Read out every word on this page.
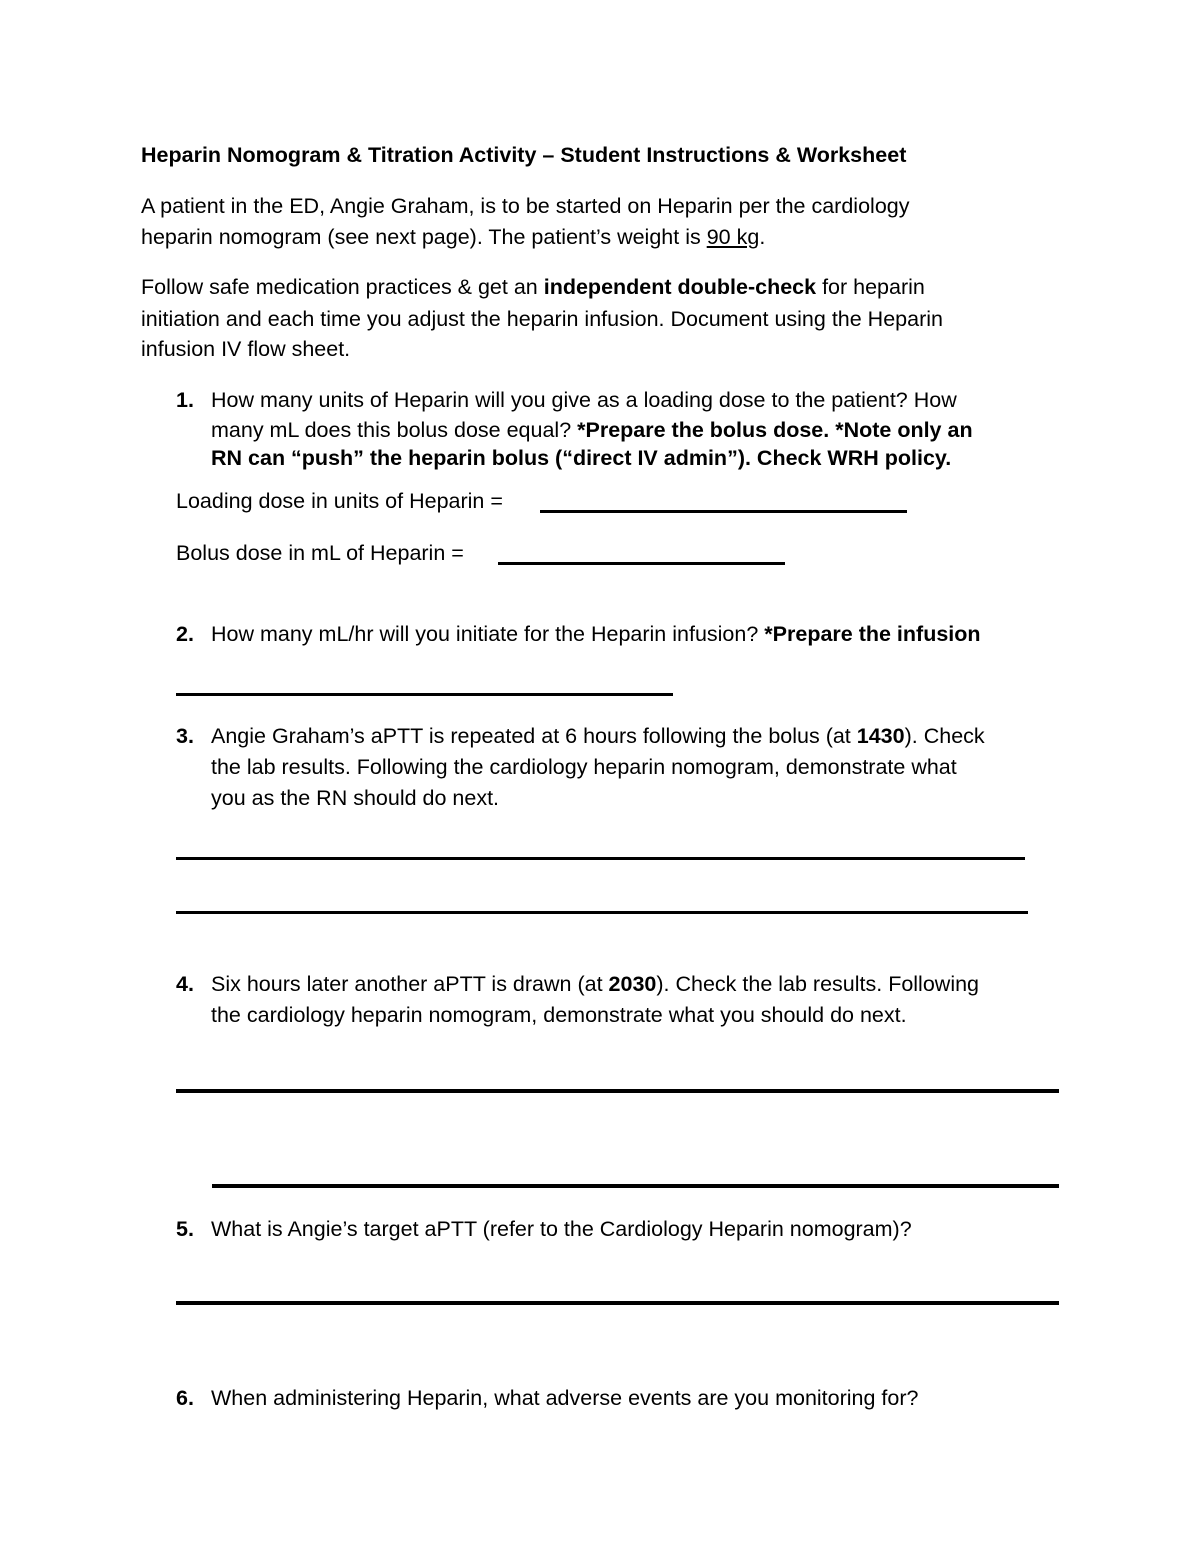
Heparin Nomogram & Titration Activity – Student Instructions & Worksheet
A patient in the ED, Angie Graham, is to be started on Heparin per the cardiology
heparin nomogram (see next page). The patient’s weight is 90 kg.
Follow safe medication practices & get an independent double-check for heparin
initiation and each time you adjust the heparin infusion. Document using the Heparin
infusion IV flow sheet.
1. How many units of Heparin will you give as a loading dose to the patient? How
many mL does this bolus dose equal? *Prepare the bolus dose. *Note only an
RN can “push” the heparin bolus (“direct IV admin”). Check WRH policy.
Loading dose in units of Heparin =
Bolus dose in mL of Heparin =
2. How many mL/hr will you initiate for the Heparin infusion? *Prepare the infusion
3. Angie Graham’s aPTT is repeated at 6 hours following the bolus (at 1430). Check
the lab results. Following the cardiology heparin nomogram, demonstrate what
you as the RN should do next.
4. Six hours later another aPTT is drawn (at 2030). Check the lab results. Following
the cardiology heparin nomogram, demonstrate what you should do next.
5. What is Angie’s target aPTT (refer to the Cardiology Heparin nomogram)?
6. When administering Heparin, what adverse events are you monitoring for?
